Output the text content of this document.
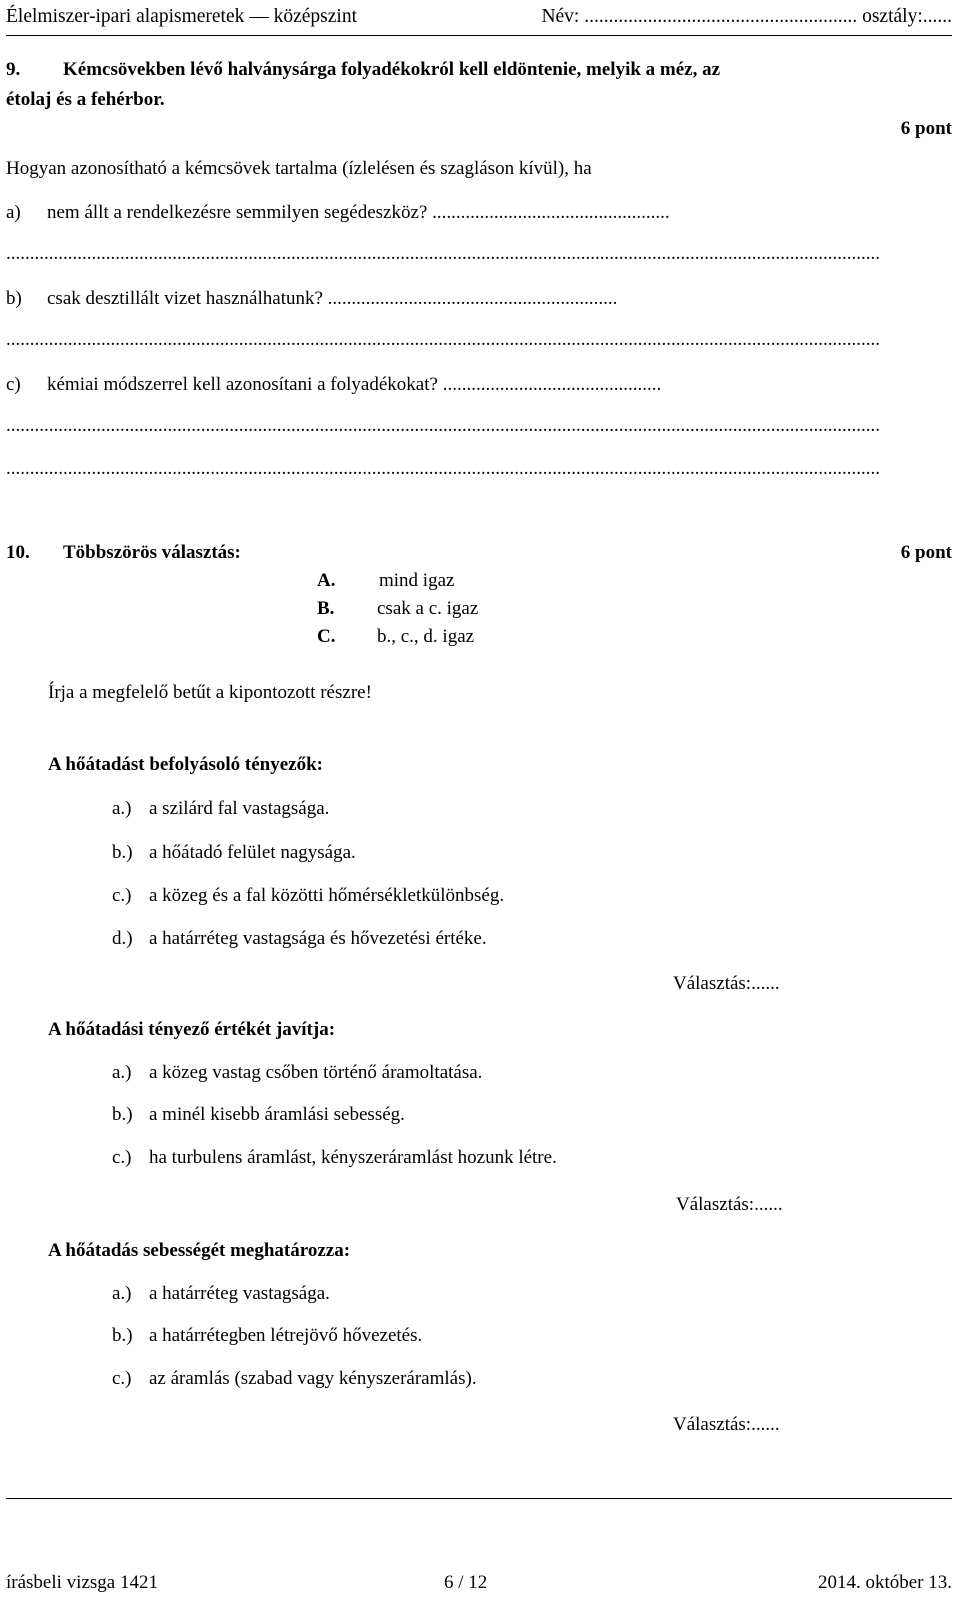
Élelmiszer-ipari alapismeretek — középszint	Név: ........................................................ osztály:......
9. Kémcsövekben lévő halványsárga folyadékokról kell eldöntenie, melyik a méz, az
étolaj és a fehérbor.
6 pont
Hogyan azonosítható a kémcsövek tartalma (ízlelésen és szagláson kívül), ha
a) nem állt a rendelkezésre semmilyen segédeszköz? ..................................................
........................................................................................................................................................................................
b) csak desztillált vizet használhatunk? .............................................................
........................................................................................................................................................................................
c) kémiai módszerrel kell azonosítani a folyadékokat? ..............................................
........................................................................................................................................................................................
........................................................................................................................................................................................
10. Többszörös választás:	6 pont
A. mind igaz
B. csak a c. igaz
C. b., c., d. igaz
Írja a megfelelő betűt a kipontozott részre!
A hőátadást befolyásoló tényezők:
a.) a szilárd fal vastagsága.
b.) a hőátadó felület nagysága.
c.) a közeg és a fal közötti hőmérsékletkülönbség.
d.) a határréteg vastagsága és hővezetési értéke.
Választás:......
A hőátadási tényező értékét javítja:
a.) a közeg vastag csőben történő áramoltatása.
b.) a minél kisebb áramlási sebesség.
c.) ha turbulens áramlást, kényszeráramlást hozunk létre.
Választás:......
A hőátadás sebességét meghatározza:
a.) a határréteg vastagsága.
b.) a határrétegben létrejövő hővezetés.
c.) az áramlás (szabad vagy kényszeráramlás).
Választás:......
írásbeli vizsga 1421	6 / 12	2014. október 13.
